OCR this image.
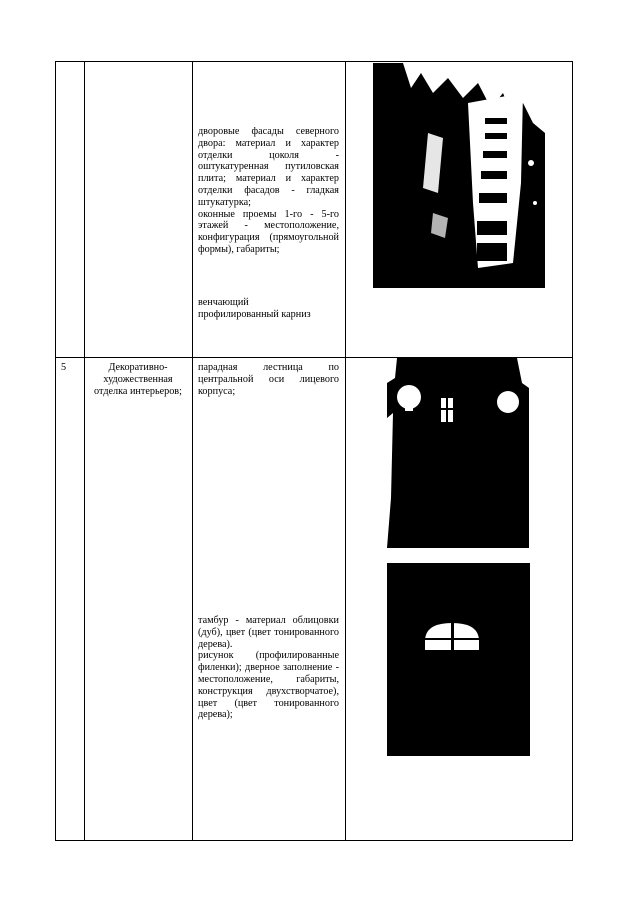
дворовые фасады северного двора: материал и характер отделки цоколя - оштукатуренная путиловская плита; материал и характер отделки фасадов - гладкая штукатурка;
оконные проемы 1-го - 5-го этажей - местоположение, конфигурация (прямоугольной формы), габариты;
венчающий
профилированный карниз
5	Декоративно-
художественная
отделка интерьеров;
парадная лестница по центральной оси лицевого корпуса;
тамбур - материал облицовки (дуб), цвет (цвет тонированного дерева).
рисунок (профилированные филенки); дверное заполнение - местоположение, габариты, конструкция двухстворчатое), цвет (цвет тонированного дерева);
